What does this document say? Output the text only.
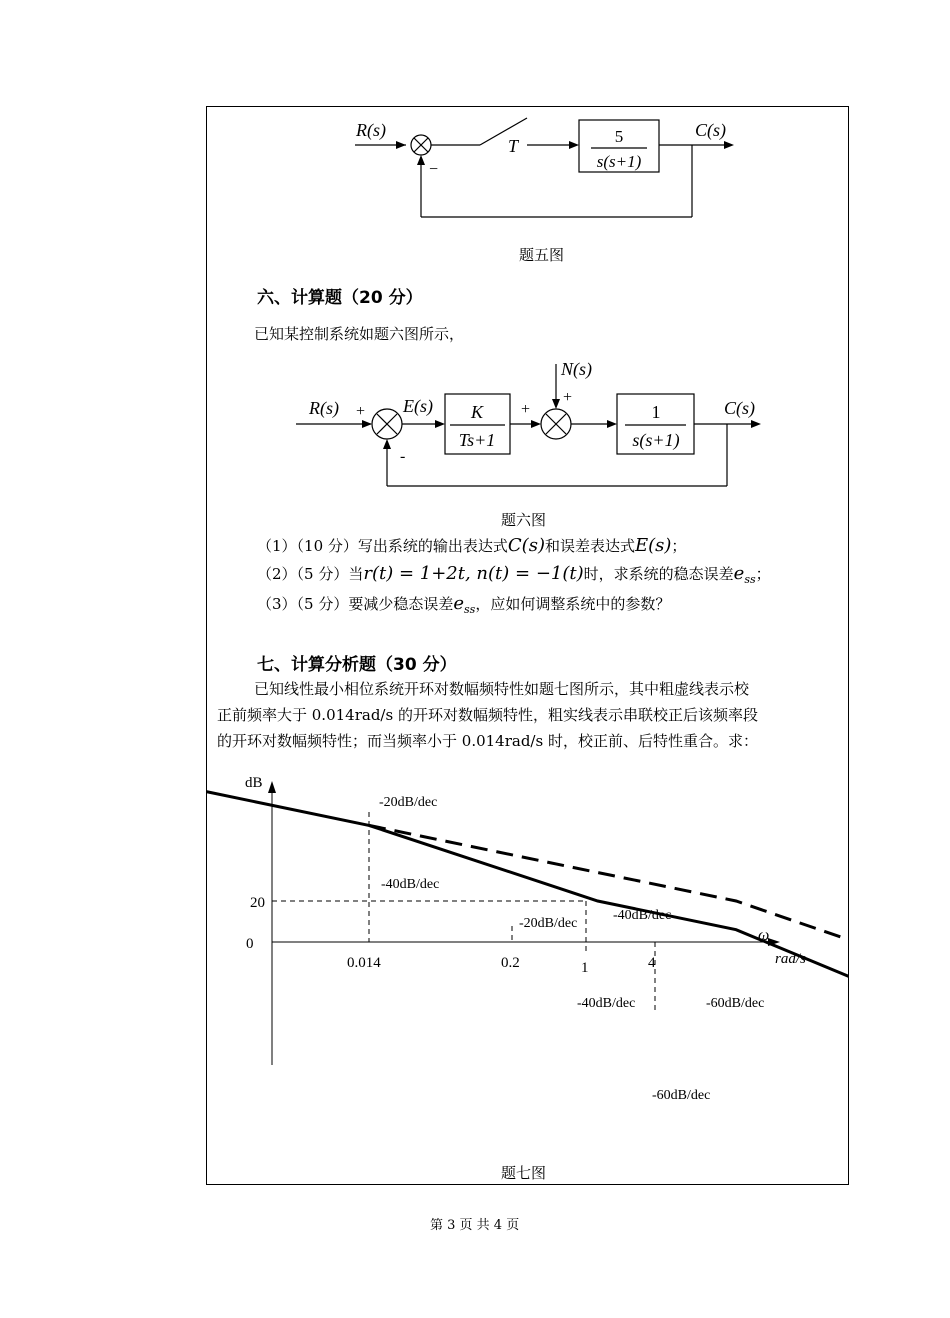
R(s)
−
T	5
s(s+1)
C(s)
题五图
六、计算题（20 分）
已知某控制系统如题六图所示，
R(s) +
-
E(s) K
Ts+1
+
N(s)
+
1
s(s+1)
C(s)
题六图
（1）（10 分）写出系统的输出表达式C(s)和误差表达式E(s)；
（2）（5 分）当r(t) = 1+2t, n(t) = −1(t)时，求系统的稳态误差$e_{ss}$；
（3）（5 分）要减少稳态误差$e_{ss}$，应如何调整系统中的参数？
七、计算分析题（30 分）
已知线性最小相位系统开环对数幅频特性如题七图所示，其中粗虚线表示校
正前频率大于 0.014rad/s 的开环对数幅频特性，粗实线表示串联校正后该频率段
的开环对数幅频特性；而当频率小于 0.014rad/s 时，校正前、后特性重合。求：
dB
20
0
0.014	0.2	1	4
ω
rad/s
-20dB/dec
-40dB/dec
-20dB/dec
-40dB/dec
-40dB/dec	-60dB/dec
-60dB/dec
题七图
第 3 页 共 4 页
